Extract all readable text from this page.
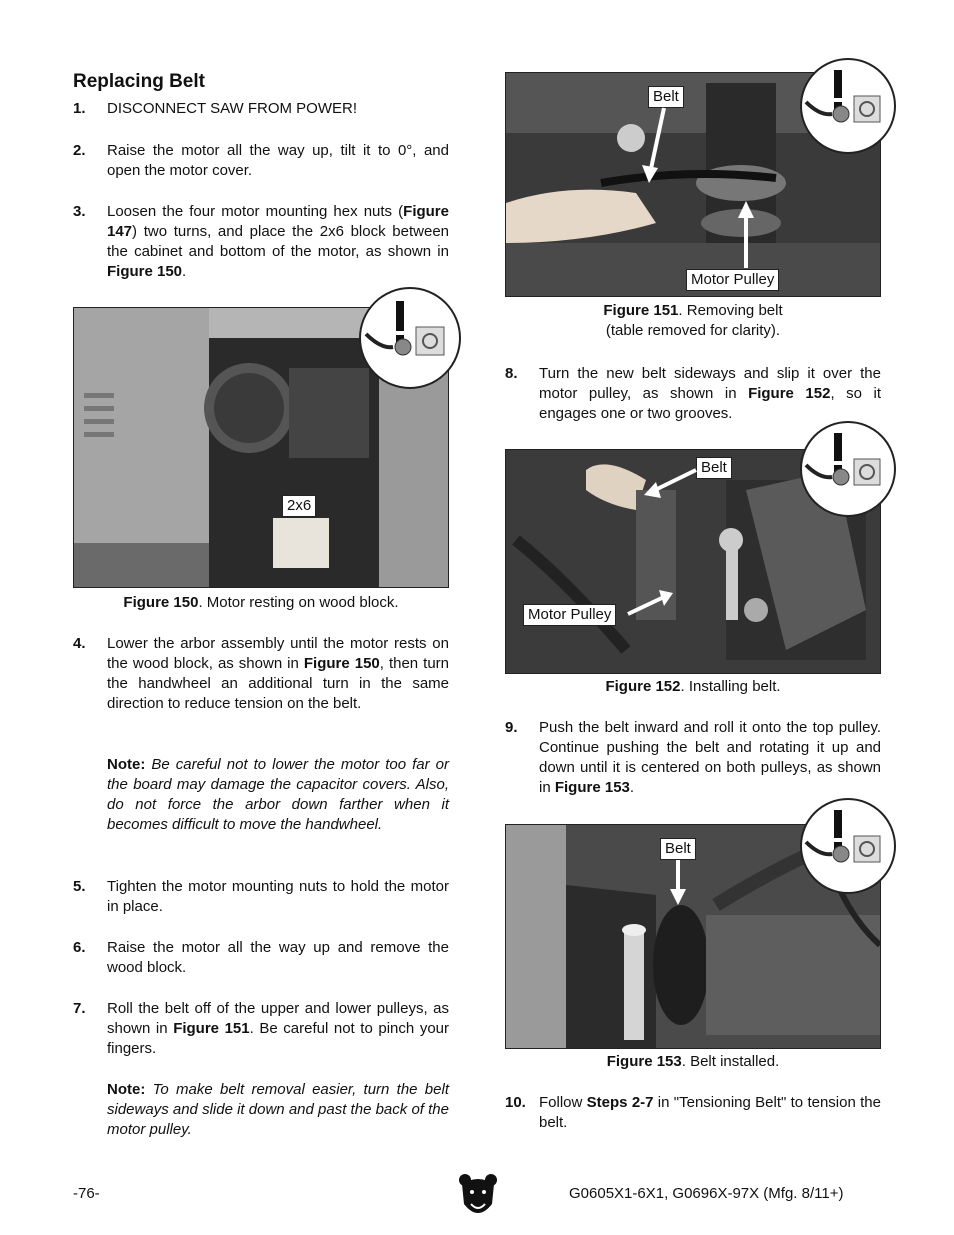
Replacing Belt
1. DISCONNECT SAW FROM POWER!
2. Raise the motor all the way up, tilt it to 0°, and open the motor cover.
3. Loosen the four motor mounting hex nuts (Figure 147) two turns, and place the 2x6 block between the cabinet and bottom of the motor, as shown in Figure 150.
2x6
Figure 150. Motor resting on wood block.
4. Lower the arbor assembly until the motor rests on the wood block, as shown in Figure 150, then turn the handwheel an additional turn in the same direction to reduce tension on the belt.
Note: Be careful not to lower the motor too far or the board may damage the capacitor covers. Also, do not force the arbor down farther when it becomes difficult to move the handwheel.
5. Tighten the motor mounting nuts to hold the motor in place.
6. Raise the motor all the way up and remove the wood block.
7. Roll the belt off of the upper and lower pulleys, as shown in Figure 151. Be careful not to pinch your fingers.
Note: To make belt removal easier, turn the belt sideways and slide it down and past the back of the motor pulley.
Belt
Motor Pulley
Figure 151. Removing belt
(table removed for clarity).
8. Turn the new belt sideways and slip it over the motor pulley, as shown in Figure 152, so it engages one or two grooves.
Belt
Motor Pulley
Figure 152. Installing belt.
9. Push the belt inward and roll it onto the top pulley. Continue pushing the belt and rotating it up and down until it is centered on both pulleys, as shown in Figure 153.
Belt
Figure 153. Belt installed.
10. Follow Steps 2-7 in "Tensioning Belt" to tension the belt.
-76-	G0605X1-6X1, G0696X-97X (Mfg. 8/11+)
